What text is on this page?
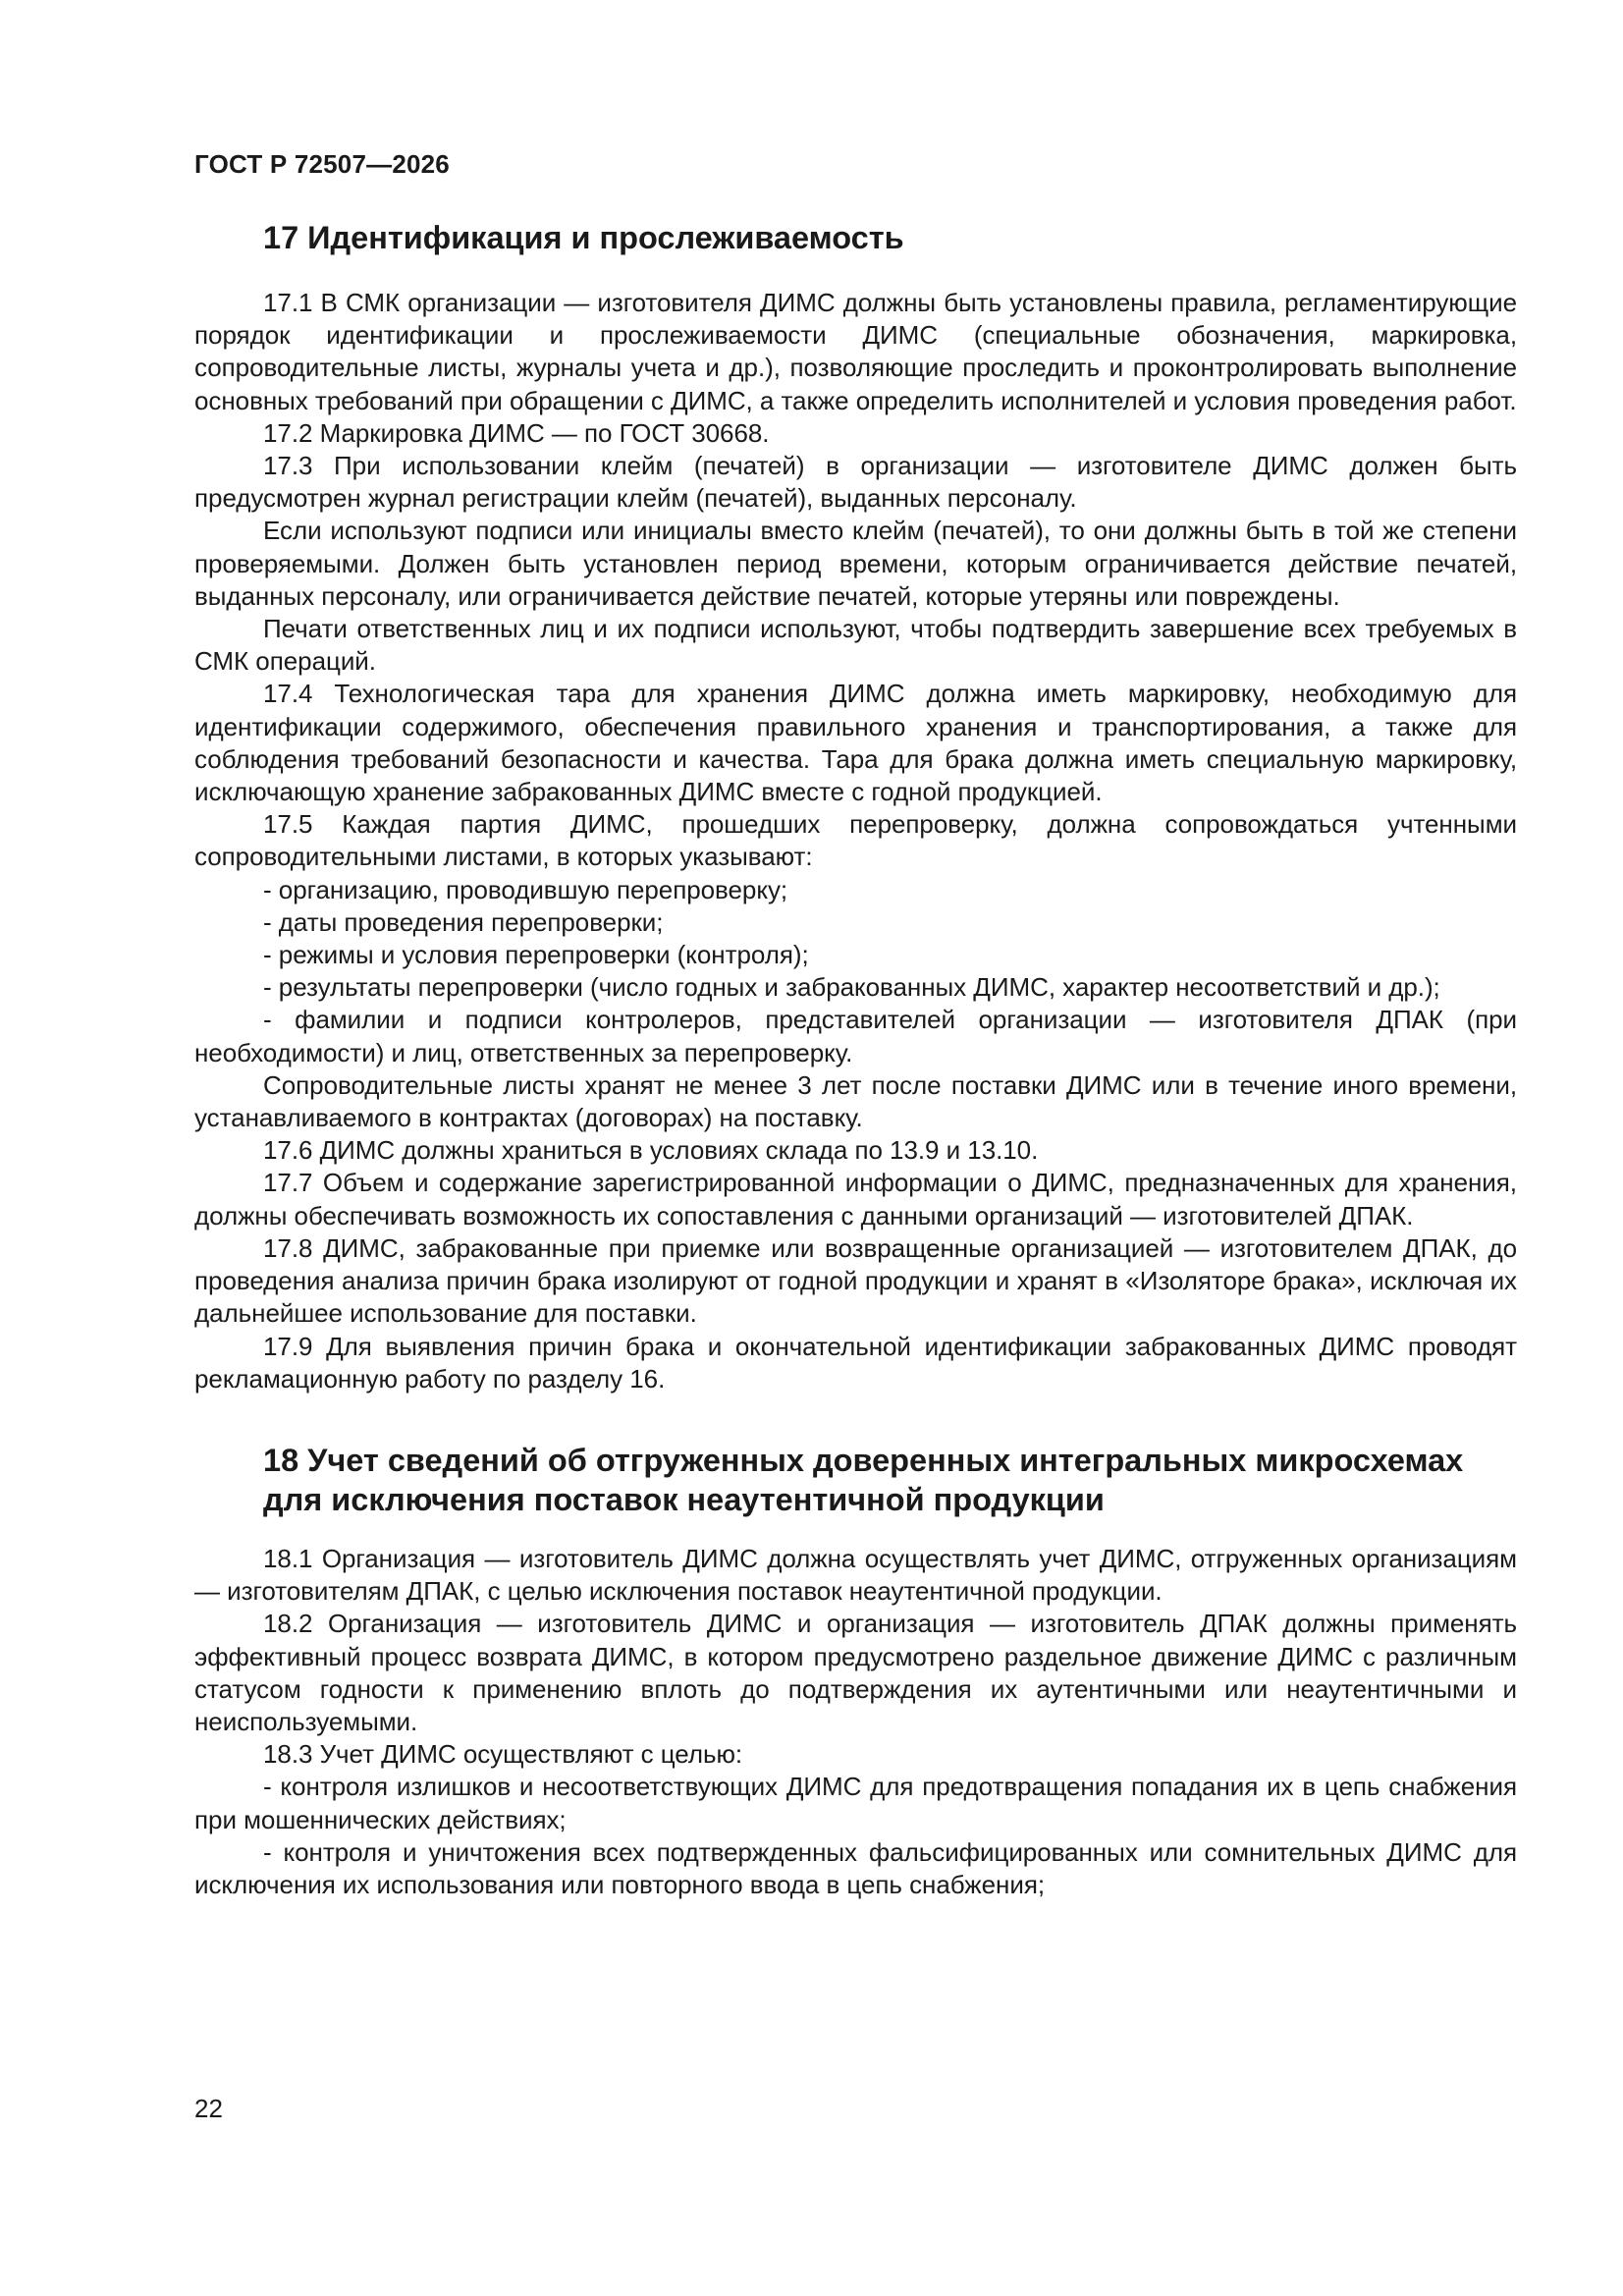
ГОСТ Р 72507—2026
17 Идентификация и прослеживаемость

17.1 В СМК организации — изготовителя ДИМС должны быть установлены правила, регламентирующие порядок идентификации и прослеживаемости ДИМС (специальные обозначения, маркировка, сопроводительные листы, журналы учета и др.), позволяющие проследить и проконтролировать выполнение основных требований при обращении с ДИМС, а также определить исполнителей и условия проведения работ.

17.2 Маркировка ДИМС — по ГОСТ 30668.

17.3 При использовании клейм (печатей) в организации — изготовителе ДИМС должен быть предусмотрен журнал регистрации клейм (печатей), выданных персоналу.

Если используют подписи или инициалы вместо клейм (печатей), то они должны быть в той же степени проверяемыми. Должен быть установлен период времени, которым ограничивается действие печатей, выданных персоналу, или ограничивается действие печатей, которые утеряны или повреждены.

Печати ответственных лиц и их подписи используют, чтобы подтвердить завершение всех требуемых в СМК операций.

17.4 Технологическая тара для хранения ДИМС должна иметь маркировку, необходимую для идентификации содержимого, обеспечения правильного хранения и транспортирования, а также для соблюдения требований безопасности и качества. Тара для брака должна иметь специальную маркировку, исключающую хранение забракованных ДИМС вместе с годной продукцией.

17.5 Каждая партия ДИМС, прошедших перепроверку, должна сопровождаться учтенными сопроводительными листами, в которых указывают:

- организацию, проводившую перепроверку;

- даты проведения перепроверки;

- режимы и условия перепроверки (контроля);

- результаты перепроверки (число годных и забракованных ДИМС, характер несоответствий и др.);

- фамилии и подписи контролеров, представителей организации — изготовителя ДПАК (при необходимости) и лиц, ответственных за перепроверку.

Сопроводительные листы хранят не менее 3 лет после поставки ДИМС или в течение иного времени, устанавливаемого в контрактах (договорах) на поставку.

17.6 ДИМС должны храниться в условиях склада по 13.9 и 13.10.

17.7 Объем и содержание зарегистрированной информации о ДИМС, предназначенных для хранения, должны обеспечивать возможность их сопоставления с данными организаций — изготовителей ДПАК.

17.8 ДИМС, забракованные при приемке или возвращенные организацией — изготовителем ДПАК, до проведения анализа причин брака изолируют от годной продукции и хранят в «Изоляторе брака», исключая их дальнейшее использование для поставки.

17.9 Для выявления причин брака и окончательной идентификации забракованных ДИМС проводят рекламационную работу по разделу 16.

18 Учет сведений об отгруженных доверенных интегральных микросхемах
для исключения поставок неаутентичной продукции

18.1 Организация — изготовитель ДИМС должна осуществлять учет ДИМС, отгруженных организациям — изготовителям ДПАК, с целью исключения поставок неаутентичной продукции.

18.2 Организация — изготовитель ДИМС и организация — изготовитель ДПАК должны применять эффективный процесс возврата ДИМС, в котором предусмотрено раздельное движение ДИМС с различным статусом годности к применению вплоть до подтверждения их аутентичными или неаутентичными и неиспользуемыми.

18.3 Учет ДИМС осуществляют с целью:

- контроля излишков и несоответствующих ДИМС для предотвращения попадания их в цепь снабжения при мошеннических действиях;

- контроля и уничтожения всех подтвержденных фальсифицированных или сомнительных ДИМС для исключения их использования или повторного ввода в цепь снабжения;

22
